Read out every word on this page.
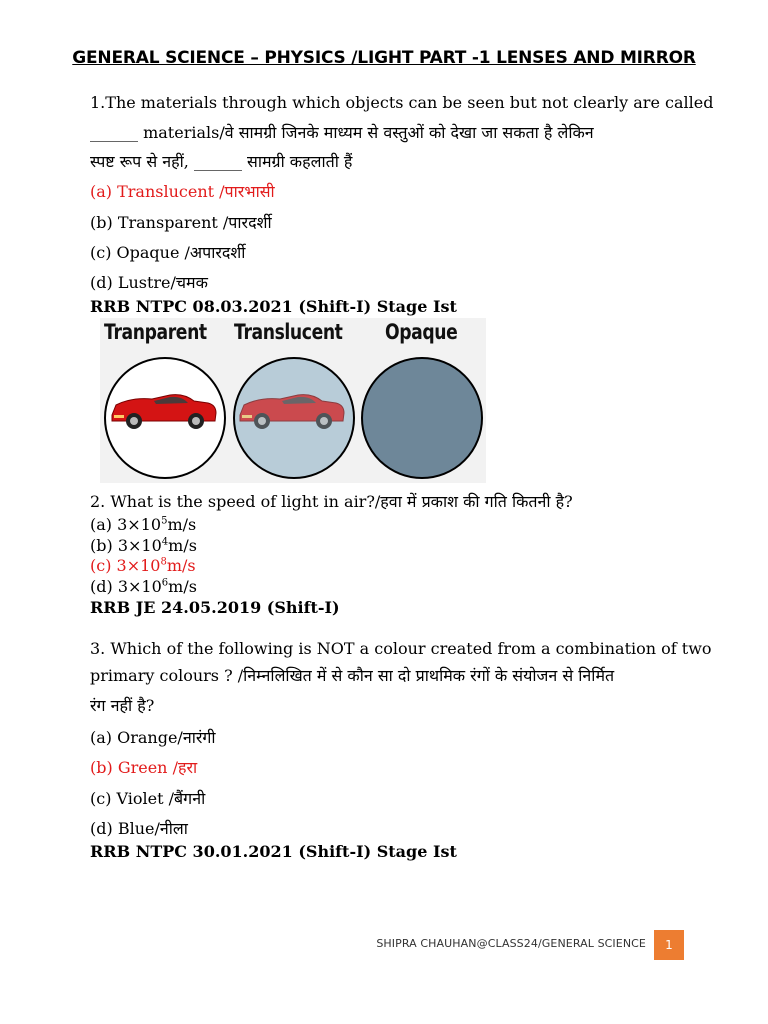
GENERAL SCIENCE – PHYSICS /LIGHT PART -1 LENSES AND MIRROR
1.The materials through which objects can be seen but not clearly are called
______ materials/वे सामग्री जिनके माध्यम से वस्तुओं को देखा जा सकता है लेकिन
स्पष्ट रूप से नहीं, ______ सामग्री कहलाती हैं
(a) Translucent /पारभासी
(b) Transparent /पारदर्शी
(c) Opaque /अपारदर्शी
(d) Lustre/चमक
RRB NTPC 08.03.2021 (Shift-I) Stage Ist
Tranparent Translucent Opaque
2. What is the speed of light in air?/हवा में प्रकाश की गति कितनी है?
(a) $3\times 10^5m/s$
(b) $3\times 10^4m/s$
(c) $3\times 10^8m/s$
(d) $3\times 10^6m/s$
RRB JE 24.05.2019 (Shift-I)
3. Which of the following is NOT a colour created from a combination of two
primary colours ? /निम्नलिखित में से कौन सा दो प्राथमिक रंगों के संयोजन से निर्मित
रंग नहीं है?
(a) Orange/नारंगी
(b) Green /हरा
(c) Violet /बैंगनी
(d) Blue/नीला
RRB NTPC 30.01.2021 (Shift-I) Stage Ist
SHIPRA CHAUHAN@CLASS24/GENERAL SCIENCE	1
